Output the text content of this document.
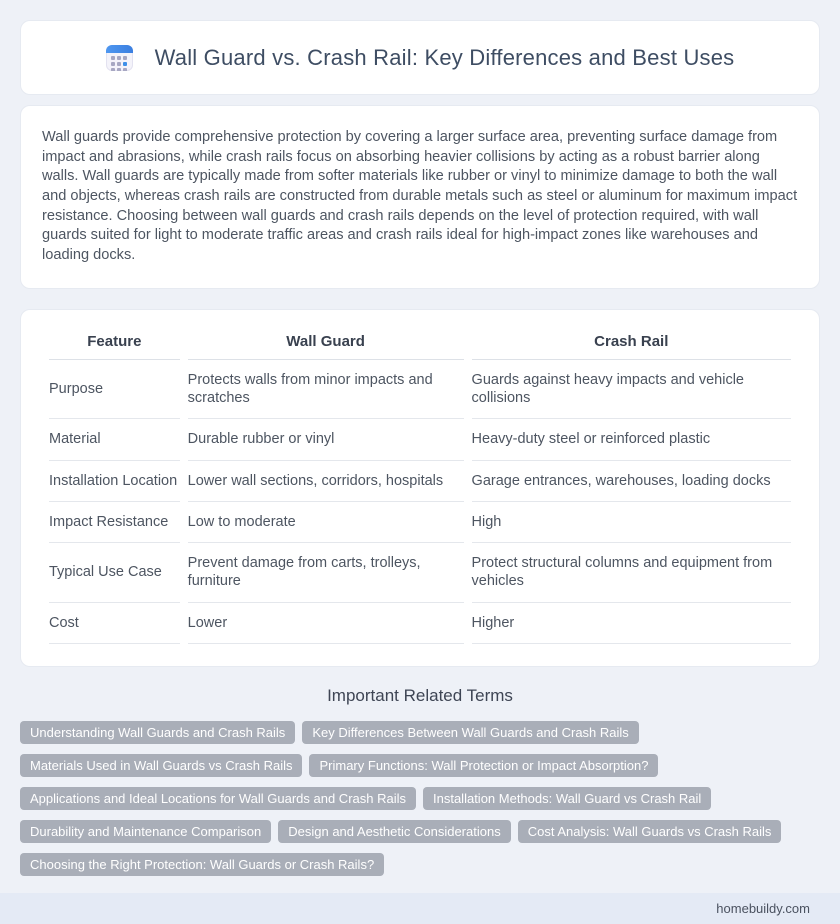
Wall Guard vs. Crash Rail: Key Differences and Best Uses

Wall guards provide comprehensive protection by covering a larger surface area, preventing surface damage from impact and abrasions, while crash rails focus on absorbing heavier collisions by acting as a robust barrier along walls. Wall guards are typically made from softer materials like rubber or vinyl to minimize damage to both the wall and objects, whereas crash rails are constructed from durable metals such as steel or aluminum for maximum impact resistance. Choosing between wall guards and crash rails depends on the level of protection required, with wall guards suited for light to moderate traffic areas and crash rails ideal for high-impact zones like warehouses and loading docks.

Feature	Wall Guard	Crash Rail
Purpose	Protects walls from minor impacts and scratches	Guards against heavy impacts and vehicle collisions
Material	Durable rubber or vinyl	Heavy-duty steel or reinforced plastic
Installation Location	Lower wall sections, corridors, hospitals	Garage entrances, warehouses, loading docks
Impact Resistance	Low to moderate	High
Typical Use Case	Prevent damage from carts, trolleys, furniture	Protect structural columns and equipment from vehicles
Cost	Lower	Higher
Important Related Terms
Understanding Wall Guards and Crash Rails	Key Differences Between Wall Guards and Crash Rails
Materials Used in Wall Guards vs Crash Rails	Primary Functions: Wall Protection or Impact Absorption?
Applications and Ideal Locations for Wall Guards and Crash Rails	Installation Methods: Wall Guard vs Crash Rail
Durability and Maintenance Comparison	Design and Aesthetic Considerations	Cost Analysis: Wall Guards vs Crash Rails
Choosing the Right Protection: Wall Guards or Crash Rails?
homebuildy.com
